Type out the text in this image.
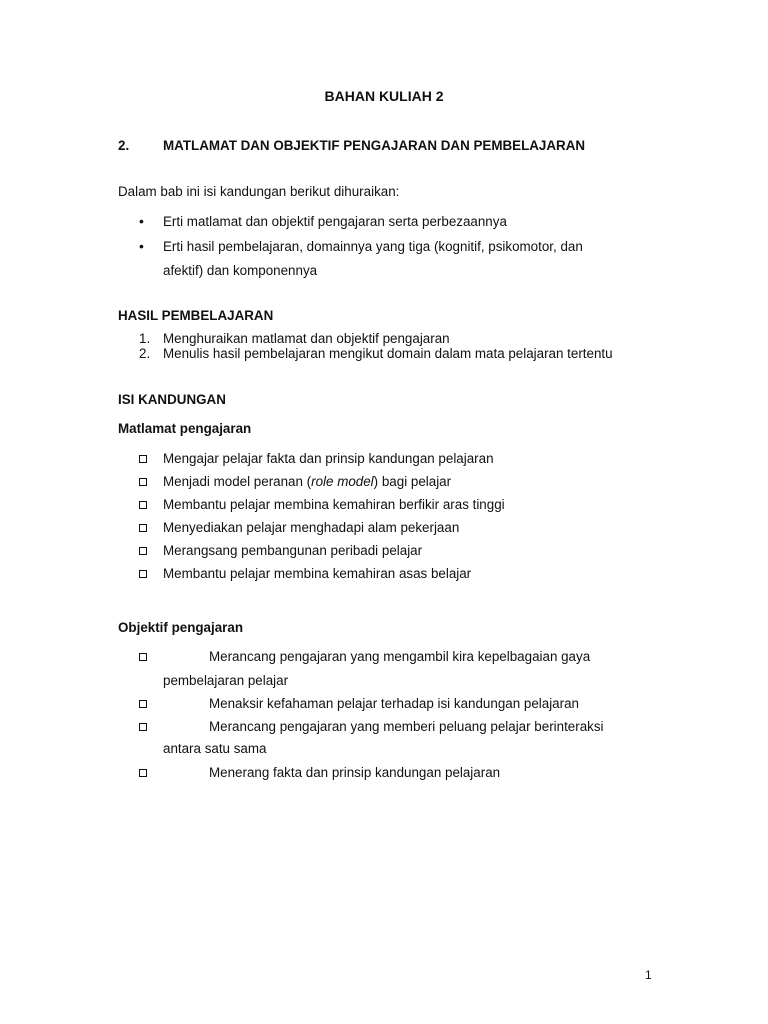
BAHAN KULIAH 2
2.	MATLAMAT DAN OBJEKTIF PENGAJARAN DAN PEMBELAJARAN
Dalam bab ini isi kandungan berikut dihuraikan:
• Erti matlamat dan objektif pengajaran serta perbezaannya
• Erti hasil pembelajaran, domainnya yang tiga (kognitif, psikomotor, dan
afektif) dan komponennya
HASIL PEMBELAJARAN
1. Menghuraikan matlamat dan objektif pengajaran
2. Menulis hasil pembelajaran mengikut domain dalam mata pelajaran tertentu
ISI KANDUNGAN
Matlamat pengajaran
Mengajar pelajar fakta dan prinsip kandungan pelajaran
Menjadi model peranan (role model) bagi pelajar
Membantu pelajar membina kemahiran berfikir aras tinggi
Menyediakan pelajar menghadapi alam pekerjaan
Merangsang pembangunan peribadi pelajar
Membantu pelajar membina kemahiran asas belajar
Objektif pengajaran
Merancang pengajaran yang mengambil kira kepelbagaian gaya
pembelajaran pelajar
Menaksir kefahaman pelajar terhadap isi kandungan pelajaran
Merancang pengajaran yang memberi peluang pelajar berinteraksi
antara satu sama
Menerang fakta dan prinsip kandungan pelajaran
1
